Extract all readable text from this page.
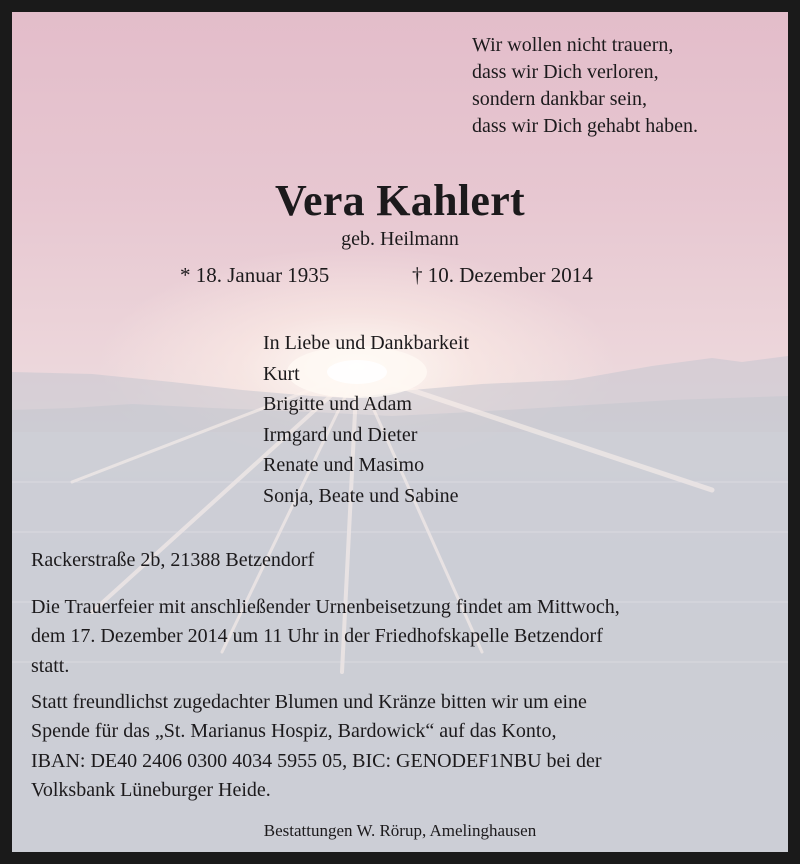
Wir wollen nicht trauern,
dass wir Dich verloren,
sondern dankbar sein,
dass wir Dich gehabt haben.
Vera Kahlert
geb. Heilmann
* 18. Januar 1935	† 10. Dezember 2014
In Liebe und Dankbarkeit
Kurt
Brigitte und Adam
Irmgard und Dieter
Renate und Masimo
Sonja, Beate und Sabine
Rackerstraße 2b, 21388 Betzendorf
Die Trauerfeier mit anschließender Urnenbeisetzung findet am Mittwoch,
dem 17. Dezember 2014 um 11 Uhr in der Friedhofskapelle Betzendorf
statt.
Statt freundlichst zugedachter Blumen und Kränze bitten wir um eine
Spende für das „St. Marianus Hospiz, Bardowick“ auf das Konto,
IBAN: DE40 2406 0300 4034 5955 05, BIC: GENODEF1NBU bei der
Volksbank Lüneburger Heide.
Bestattungen W. Rörup, Amelinghausen
